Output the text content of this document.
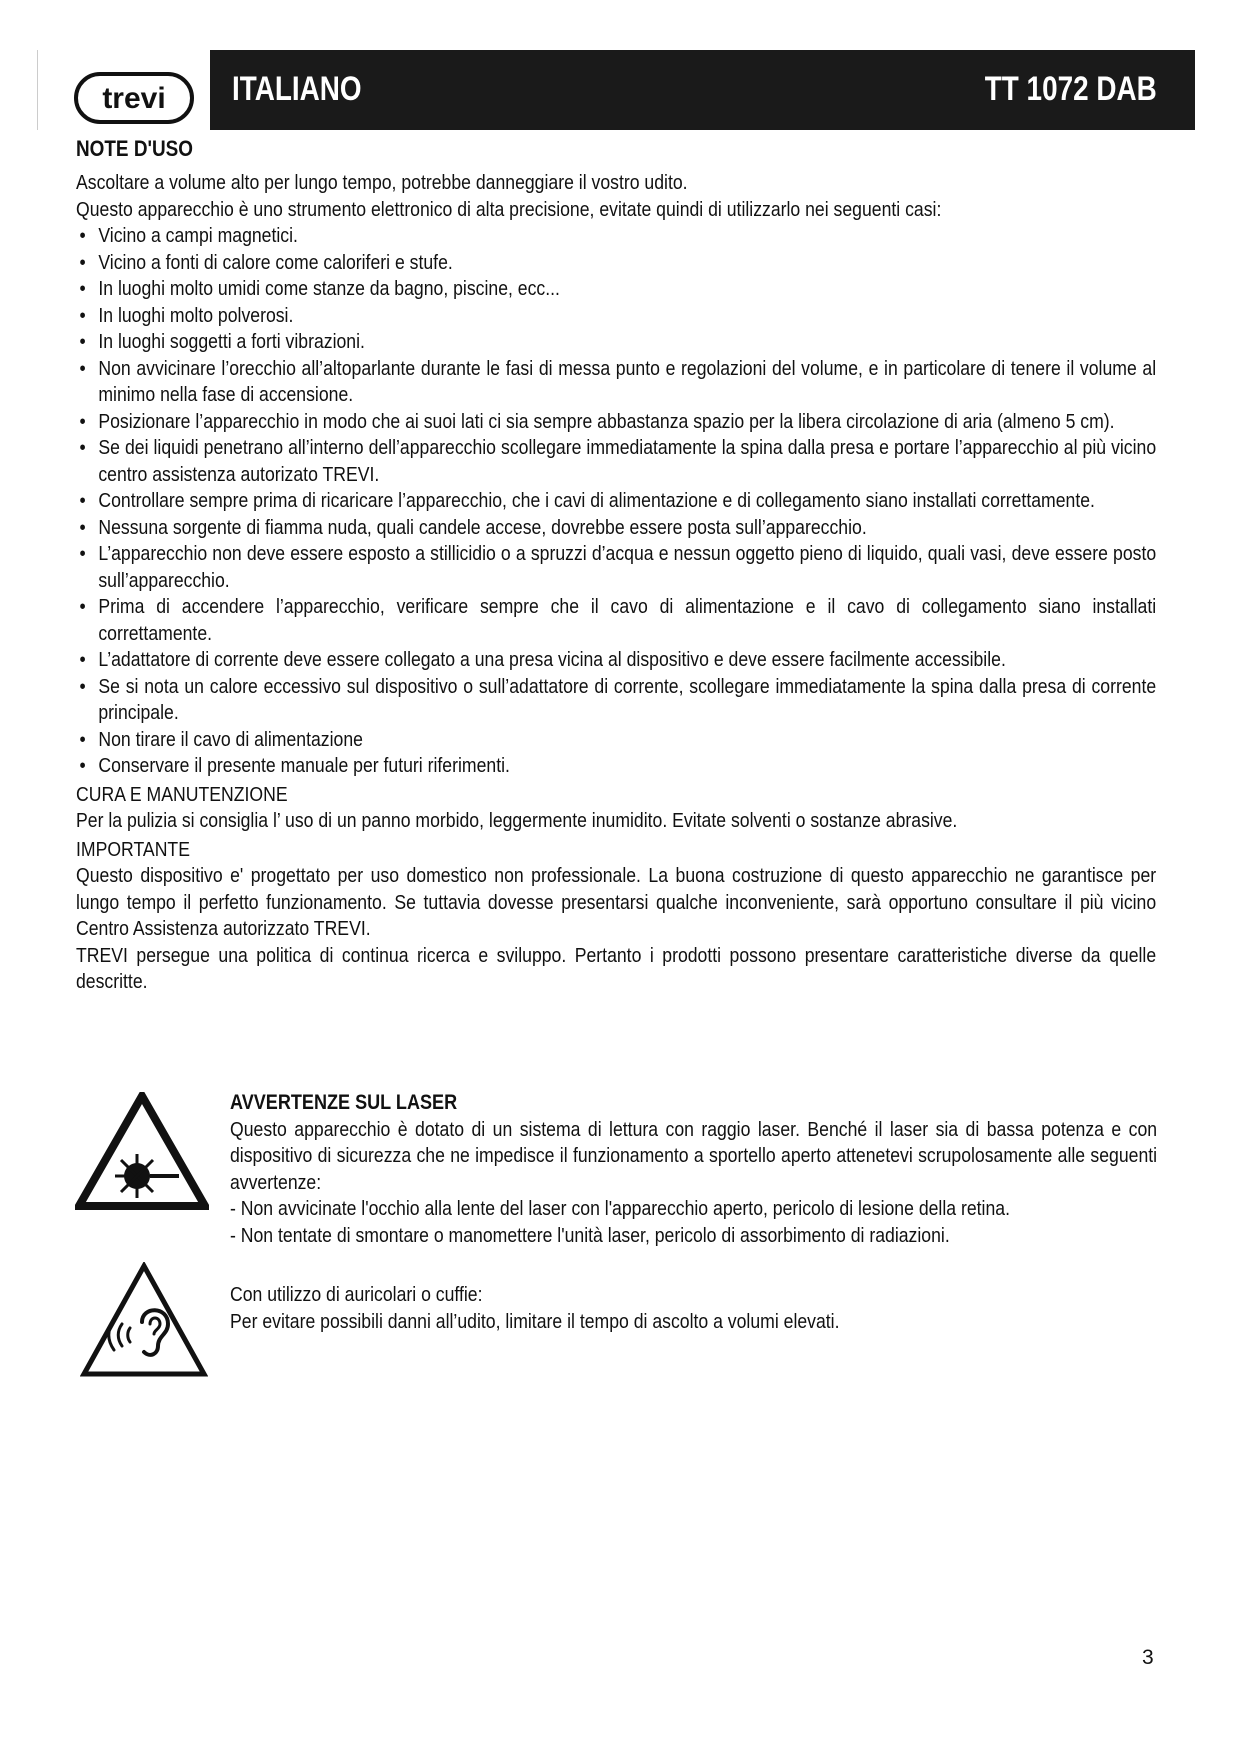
trevi ITALIANO	TT 1072 DAB
NOTE D'USO

Ascoltare a volume alto per lungo tempo, potrebbe danneggiare il vostro udito.

Questo apparecchio è uno strumento elettronico di alta precisione, evitate quindi di utilizzarlo nei seguenti casi:

• Vicino a campi magnetici.
• Vicino a fonti di calore come caloriferi e stufe.
• In luoghi molto umidi come stanze da bagno, piscine, ecc...
• In luoghi molto polverosi.
• In luoghi soggetti a forti vibrazioni.
• Non avvicinare l’orecchio all’altoparlante durante le fasi di messa punto e regolazioni del volume, e in particolare di tenere il volume al minimo nella fase di accensione.
• Posizionare l’apparecchio in modo che ai suoi lati ci sia sempre abbastanza spazio per la libera circolazione di aria (almeno 5 cm).
• Se dei liquidi penetrano all’interno dell’apparecchio scollegare immediatamente la spina dalla presa e portare l’apparecchio al più vicino centro assistenza autorizato TREVI.
• Controllare sempre prima di ricaricare l’apparecchio, che i cavi di alimentazione e di collegamento siano installati correttamente.
• Nessuna sorgente di fiamma nuda, quali candele accese, dovrebbe essere posta sull’apparecchio.
• L’apparecchio non deve essere esposto a stillicidio o a spruzzi d’acqua e nessun oggetto pieno di liquido, quali vasi, deve essere posto sull’apparecchio.
• Prima di accendere l’apparecchio, verificare sempre che il cavo di alimentazione e il cavo di collegamento siano installati correttamente.
• L’adattatore di corrente deve essere collegato a una presa vicina al dispositivo e deve essere facilmente accessibile.
• Se si nota un calore eccessivo sul dispositivo o sull’adattatore di corrente, scollegare immediatamente la spina dalla presa di corrente principale.
• Non tirare il cavo di alimentazione
• Conservare il presente manuale per futuri riferimenti.

CURA E MANUTENZIONE

Per la pulizia si consiglia l’ uso di un panno morbido, leggermente inumidito. Evitate solventi o sostanze abrasive.

IMPORTANTE

Questo dispositivo e' progettato per uso domestico non professionale. La buona costruzione di questo apparecchio ne garantisce per lungo tempo il perfetto funzionamento. Se tuttavia dovesse presentarsi qualche inconveniente, sarà opportuno consultare il più vicino Centro Assistenza autorizzato TREVI.

TREVI persegue una politica di continua ricerca e sviluppo. Pertanto i prodotti possono presentare caratteristiche diverse da quelle descritte.

AVVERTENZE SUL LASER

Questo apparecchio è dotato di un sistema di lettura con raggio laser. Benché il laser sia di bassa potenza e con dispositivo di sicurezza che ne impedisce il funzionamento a sportello aperto attenetevi scrupolosamente alle seguenti avvertenze:

- Non avvicinate l'occhio alla lente del laser con l'apparecchio aperto, pericolo di lesione della retina.

- Non tentate di smontare o manomettere l'unità laser, pericolo di assorbimento di radiazioni.

Con utilizzo di auricolari o cuffie:

Per evitare possibili danni all’udito, limitare il tempo di ascolto a volumi elevati.

3
